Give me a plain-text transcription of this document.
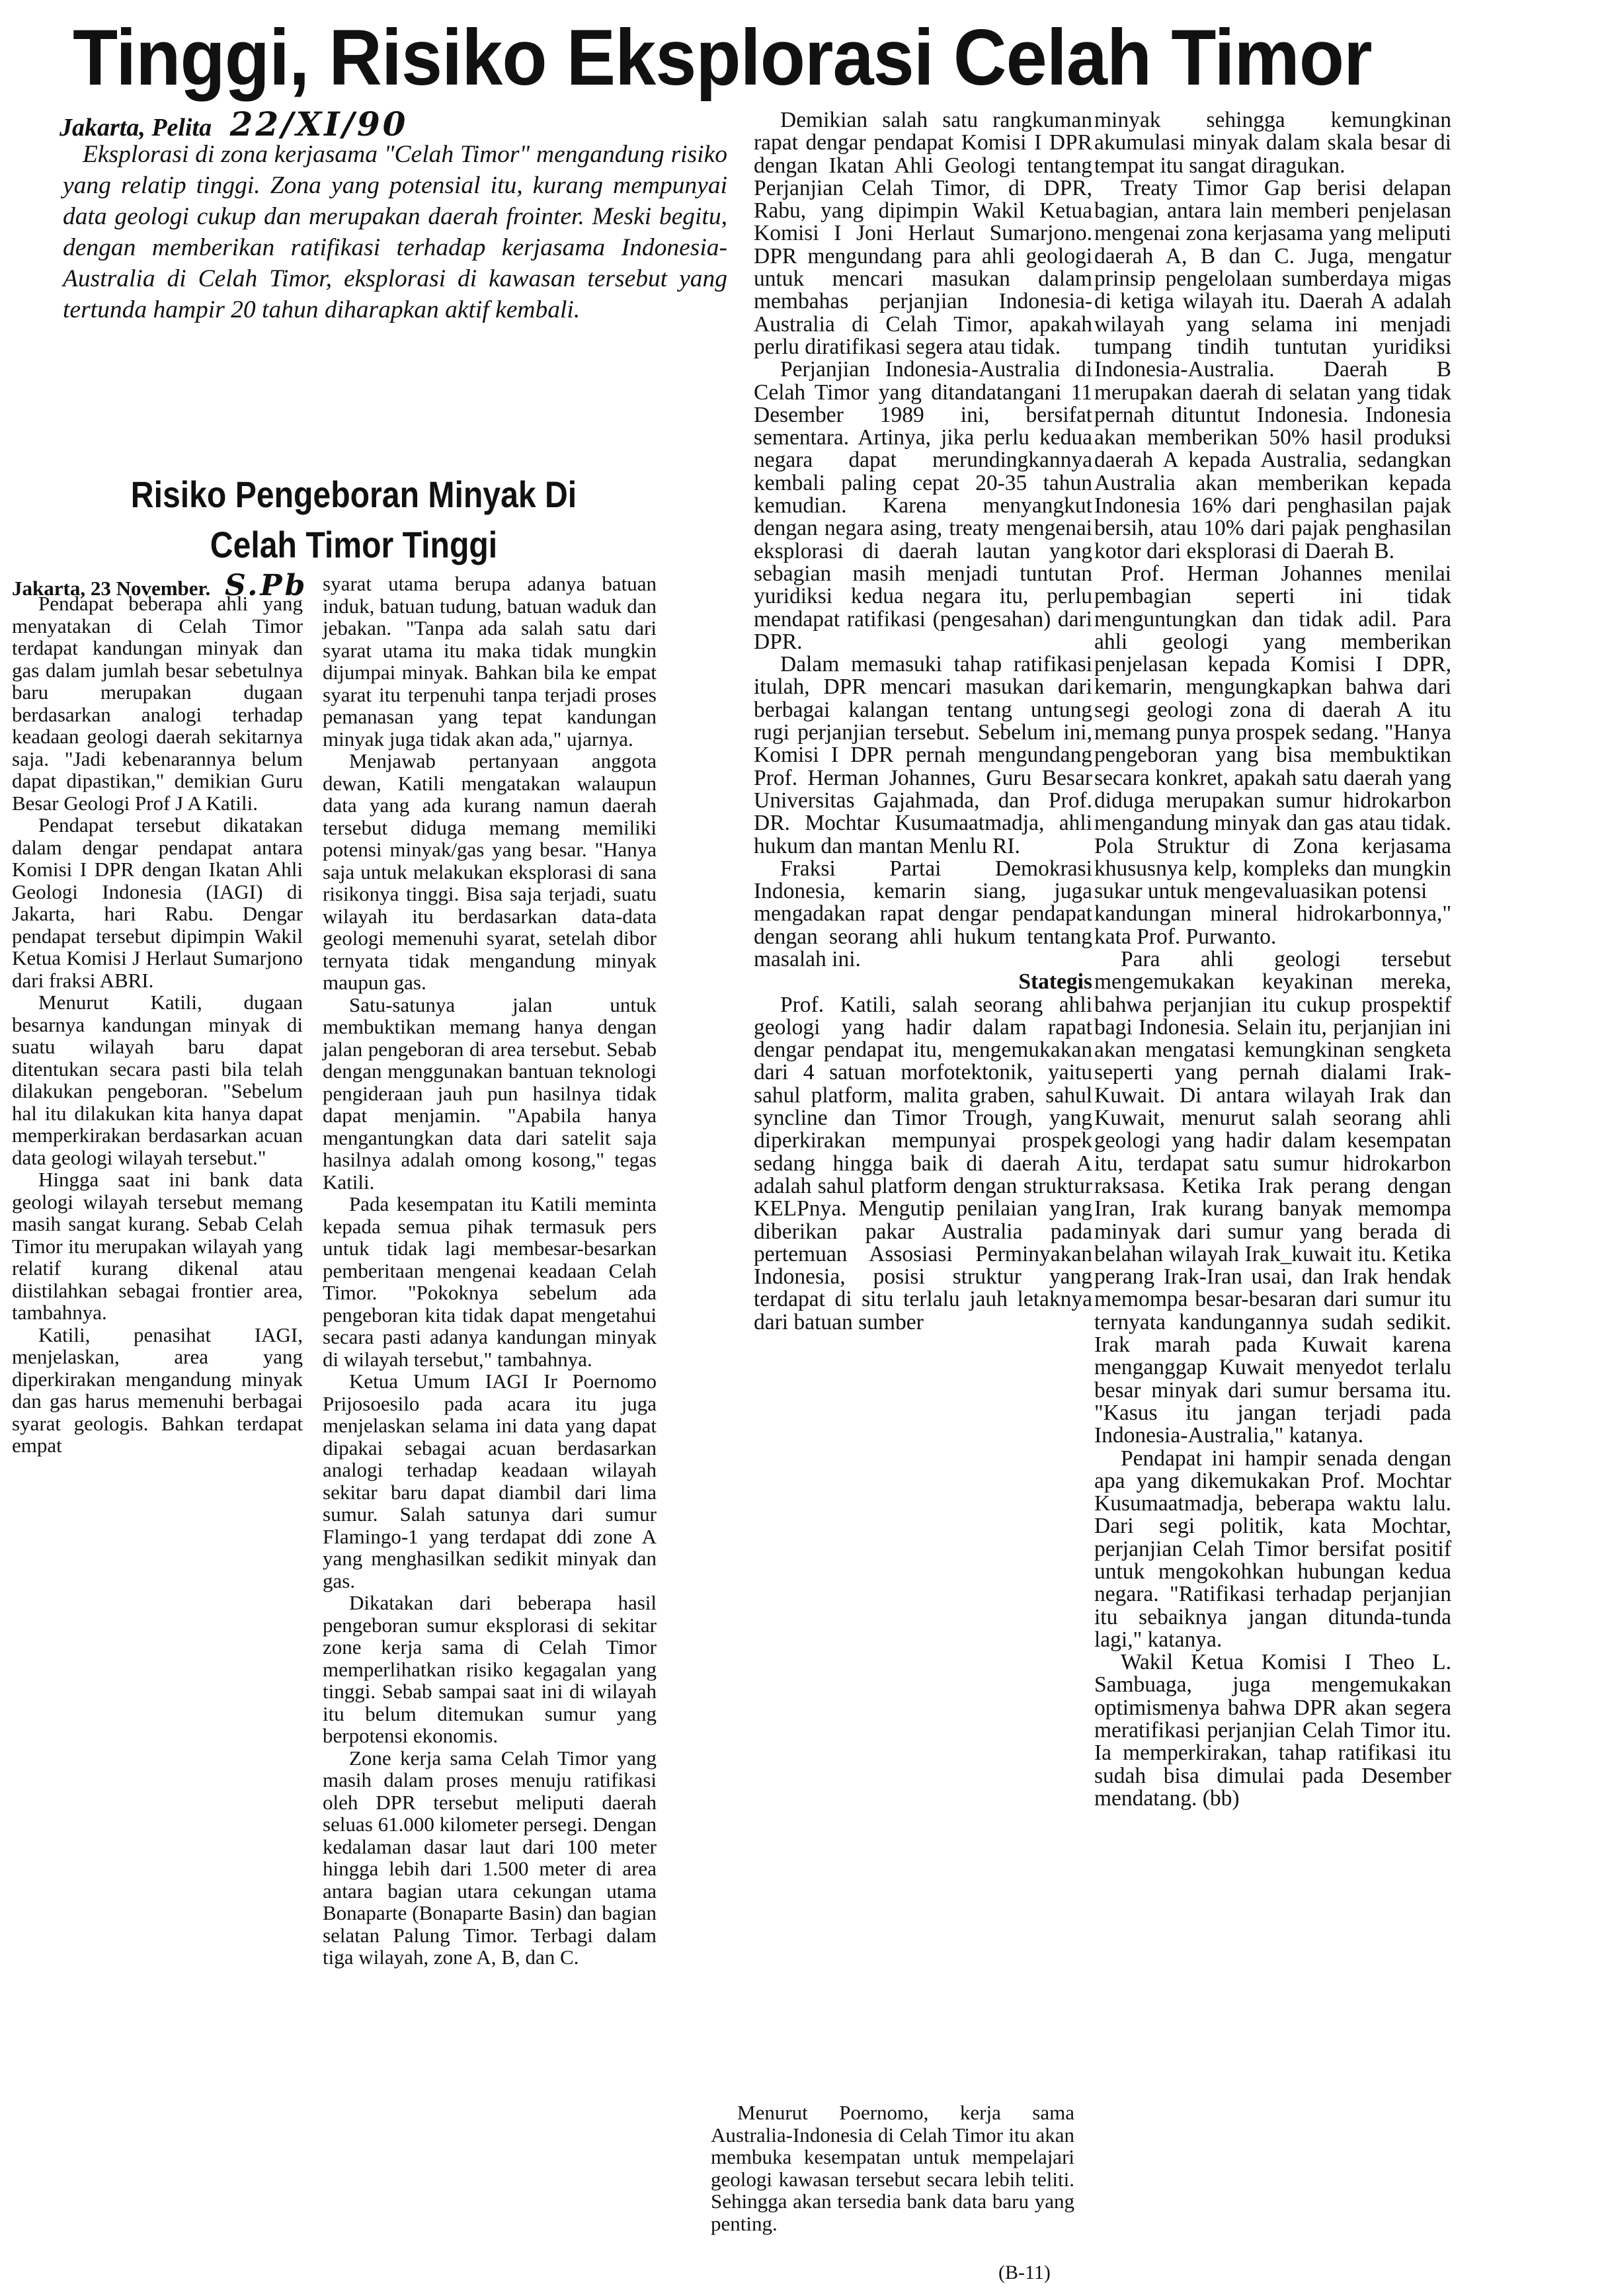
Tinggi, Risiko Eksplorasi Celah Timor
Jakarta, Pelita 22/XI/90

Eksplorasi di zona kerjasama "Celah Timor" mengandung risiko yang relatip tinggi. Zona yang potensial itu, kurang mempunyai data geologi cukup dan merupakan daerah frointer. Meski begitu, dengan memberikan ratifikasi terhadap kerjasama Indonesia-Australia di Celah Timor, eksplorasi di kawasan tersebut yang tertunda hampir 20 tahun diharapkan aktif kembali.

Risiko Pengeboran Minyak Di Celah Timor Tinggi
Jakarta, 23 November. S.Pb

Pendapat beberapa ahli yang menyatakan di Celah Timor terdapat kandungan minyak dan gas dalam jumlah besar sebetulnya baru merupakan dugaan berdasarkan analogi terhadap keadaan geologi daerah sekitarnya saja. "Jadi kebenarannya belum dapat dipastikan," demikian Guru Besar Geologi Prof J A Katili.

Pendapat tersebut dikatakan dalam dengar pendapat antara Komisi I DPR dengan Ikatan Ahli Geologi Indonesia (IAGI) di Jakarta, hari Rabu. Dengar pendapat tersebut dipimpin Wakil Ketua Komisi J Herlaut Sumarjono dari fraksi ABRI.

Menurut Katili, dugaan besarnya kandungan minyak di suatu wilayah baru dapat ditentukan secara pasti bila telah dilakukan pengeboran. "Sebelum hal itu dilakukan kita hanya dapat memperkirakan berdasarkan acuan data geologi wilayah tersebut."

Hingga saat ini bank data geologi wilayah tersebut memang masih sangat kurang. Sebab Celah Timor itu merupakan wilayah yang relatif kurang dikenal atau diistilahkan sebagai frontier area, tambahnya.

Katili, penasihat IAGI, menjelaskan, area yang diperkirakan mengandung minyak dan gas harus memenuhi berbagai syarat geologis. Bahkan terdapat empat

syarat utama berupa adanya batuan induk, batuan tudung, batuan waduk dan jebakan. "Tanpa ada salah satu dari syarat utama itu maka tidak mungkin dijumpai minyak. Bahkan bila ke empat syarat itu terpenuhi tanpa terjadi proses pemanasan yang tepat kandungan minyak juga tidak akan ada," ujarnya.

Menjawab pertanyaan anggota dewan, Katili mengatakan walaupun data yang ada kurang namun daerah tersebut diduga memang memiliki potensi minyak/gas yang besar. "Hanya saja untuk melakukan eksplorasi di sana risikonya tinggi. Bisa saja terjadi, suatu wilayah itu berdasarkan data-data geologi memenuhi syarat, setelah dibor ternyata tidak mengandung minyak maupun gas.

Satu-satunya jalan untuk membuktikan memang hanya dengan jalan pengeboran di area tersebut. Sebab dengan menggunakan bantuan teknologi pengideraan jauh pun hasilnya tidak dapat menjamin. "Apabila hanya mengantungkan data dari satelit saja hasilnya adalah omong kosong," tegas Katili.

Pada kesempatan itu Katili meminta kepada semua pihak termasuk pers untuk tidak lagi membesar-besarkan pemberitaan mengenai keadaan Celah Timor. "Pokoknya sebelum ada pengeboran kita tidak dapat mengetahui secara pasti adanya kandungan minyak di wilayah tersebut," tambahnya.

Ketua Umum IAGI Ir Poernomo Prijosoesilo pada acara itu juga menjelaskan selama ini data yang dapat dipakai sebagai acuan berdasarkan analogi terhadap keadaan wilayah sekitar baru dapat diambil dari lima sumur. Salah satunya dari sumur Flamingo-1 yang terdapat ddi zone A yang menghasilkan sedikit minyak dan gas.

Dikatakan dari beberapa hasil pengeboran sumur eksplorasi di sekitar zone kerja sama di Celah Timor memperlihatkan risiko kegagalan yang tinggi. Sebab sampai saat ini di wilayah itu belum ditemukan sumur yang berpotensi ekonomis.

Zone kerja sama Celah Timor yang masih dalam proses menuju ratifikasi oleh DPR tersebut meliputi daerah seluas 61.000 kilometer persegi. Dengan kedalaman dasar laut dari 100 meter hingga lebih dari 1.500 meter di area antara bagian utara cekungan utama Bonaparte (Bonaparte Basin) dan bagian selatan Palung Timor. Terbagi dalam tiga wilayah, zone A, B, dan C.

Demikian salah satu rangkuman rapat dengar pendapat Komisi I DPR dengan Ikatan Ahli Geologi tentang Perjanjian Celah Timor, di DPR, Rabu, yang dipimpin Wakil Ketua Komisi I Joni Herlaut Sumarjono. DPR mengundang para ahli geologi untuk mencari masukan dalam membahas perjanjian Indonesia-Australia di Celah Timor, apakah perlu diratifikasi segera atau tidak.

Perjanjian Indonesia-Australia di Celah Timor yang ditandatangani 11 Desember 1989 ini, bersifat sementara. Artinya, jika perlu kedua negara dapat merundingkannya kembali paling cepat 20-35 tahun kemudian. Karena menyangkut dengan negara asing, treaty mengenai eksplorasi di daerah lautan yang sebagian masih menjadi tuntutan yuridiksi kedua negara itu, perlu mendapat ratifikasi (pengesahan) dari DPR.

Dalam memasuki tahap ratifikasi itulah, DPR mencari masukan dari berbagai kalangan tentang untung rugi perjanjian tersebut. Sebelum ini, Komisi I DPR pernah mengundang Prof. Herman Johannes, Guru Besar Universitas Gajahmada, dan Prof. DR. Mochtar Kusumaatmadja, ahli hukum dan mantan Menlu RI.

Fraksi Partai Demokrasi Indonesia, kemarin siang, juga mengadakan rapat dengar pendapat dengan seorang ahli hukum tentang masalah ini.

Stategis

Prof. Katili, salah seorang ahli geologi yang hadir dalam rapat dengar pendapat itu, mengemukakan dari 4 satuan morfotektonik, yaitu sahul platform, malita graben, sahul syncline dan Timor Trough, yang diperkirakan mempunyai prospek sedang hingga baik di daerah A adalah sahul platform dengan struktur KELPnya. Mengutip penilaian yang diberikan pakar Australia pada pertemuan Assosiasi Perminyakan Indonesia, posisi struktur yang terdapat di situ terlalu jauh letaknya dari batuan sumber

minyak sehingga kemungkinan akumulasi minyak dalam skala besar di tempat itu sangat diragukan.

Treaty Timor Gap berisi delapan bagian, antara lain memberi penjelasan mengenai zona kerjasama yang meliputi daerah A, B dan C. Juga, mengatur prinsip pengelolaan sumberdaya migas di ketiga wilayah itu. Daerah A adalah wilayah yang selama ini menjadi tumpang tindih tuntutan yuridiksi Indonesia-Australia. Daerah B merupakan daerah di selatan yang tidak pernah dituntut Indonesia. Indonesia akan memberikan 50% hasil produksi daerah A kepada Australia, sedangkan Australia akan memberikan kepada Indonesia 16% dari penghasilan pajak bersih, atau 10% dari pajak penghasilan kotor dari eksplorasi di Daerah B.

Prof. Herman Johannes menilai pembagian seperti ini tidak menguntungkan dan tidak adil. Para ahli geologi yang memberikan penjelasan kepada Komisi I DPR, kemarin, mengungkapkan bahwa dari segi geologi zona di daerah A itu memang punya prospek sedang. "Hanya pengeboran yang bisa membuktikan secara konkret, apakah satu daerah yang diduga merupakan sumur hidrokarbon mengandung minyak dan gas atau tidak. Pola Struktur di Zona kerjasama khususnya kelp, kompleks dan mungkin sukar untuk mengevaluasikan potensi

kandungan mineral hidrokarbonnya," kata Prof. Purwanto.

Para ahli geologi tersebut mengemukakan keyakinan mereka, bahwa perjanjian itu cukup prospektif bagi Indonesia. Selain itu, perjanjian ini akan mengatasi kemungkinan sengketa seperti yang pernah dialami Irak-Kuwait. Di antara wilayah Irak dan Kuwait, menurut salah seorang ahli geologi yang hadir dalam kesempatan itu, terdapat satu sumur hidrokarbon raksasa. Ketika Irak perang dengan Iran, Irak kurang banyak memompa minyak dari sumur yang berada di belahan wilayah Irak_kuwait itu. Ketika perang Irak-Iran usai, dan Irak hendak memompa besar-besaran dari sumur itu ternyata kandungannya sudah sedikit. Irak marah pada Kuwait karena menganggap Kuwait menyedot terlalu besar minyak dari sumur bersama itu. "Kasus itu jangan terjadi pada Indonesia-Australia," katanya.

Pendapat ini hampir senada dengan apa yang dikemukakan Prof. Mochtar Kusumaatmadja, beberapa waktu lalu. Dari segi politik, kata Mochtar, perjanjian Celah Timor bersifat positif untuk mengokohkan hubungan kedua negara. "Ratifikasi terhadap perjanjian itu sebaiknya jangan ditunda-tunda lagi," katanya.

Wakil Ketua Komisi I Theo L. Sambuaga, juga mengemukakan optimismenya bahwa DPR akan segera meratifikasi perjanjian Celah Timor itu. Ia memperkirakan, tahap ratifikasi itu sudah bisa dimulai pada Desember mendatang. (bb)

Menurut Poernomo, kerja sama Australia-Indonesia di Celah Timor itu akan membuka kesempatan untuk mempelajari geologi kawasan tersebut secara lebih teliti. Sehingga akan tersedia bank data baru yang penting.

(B-11)
